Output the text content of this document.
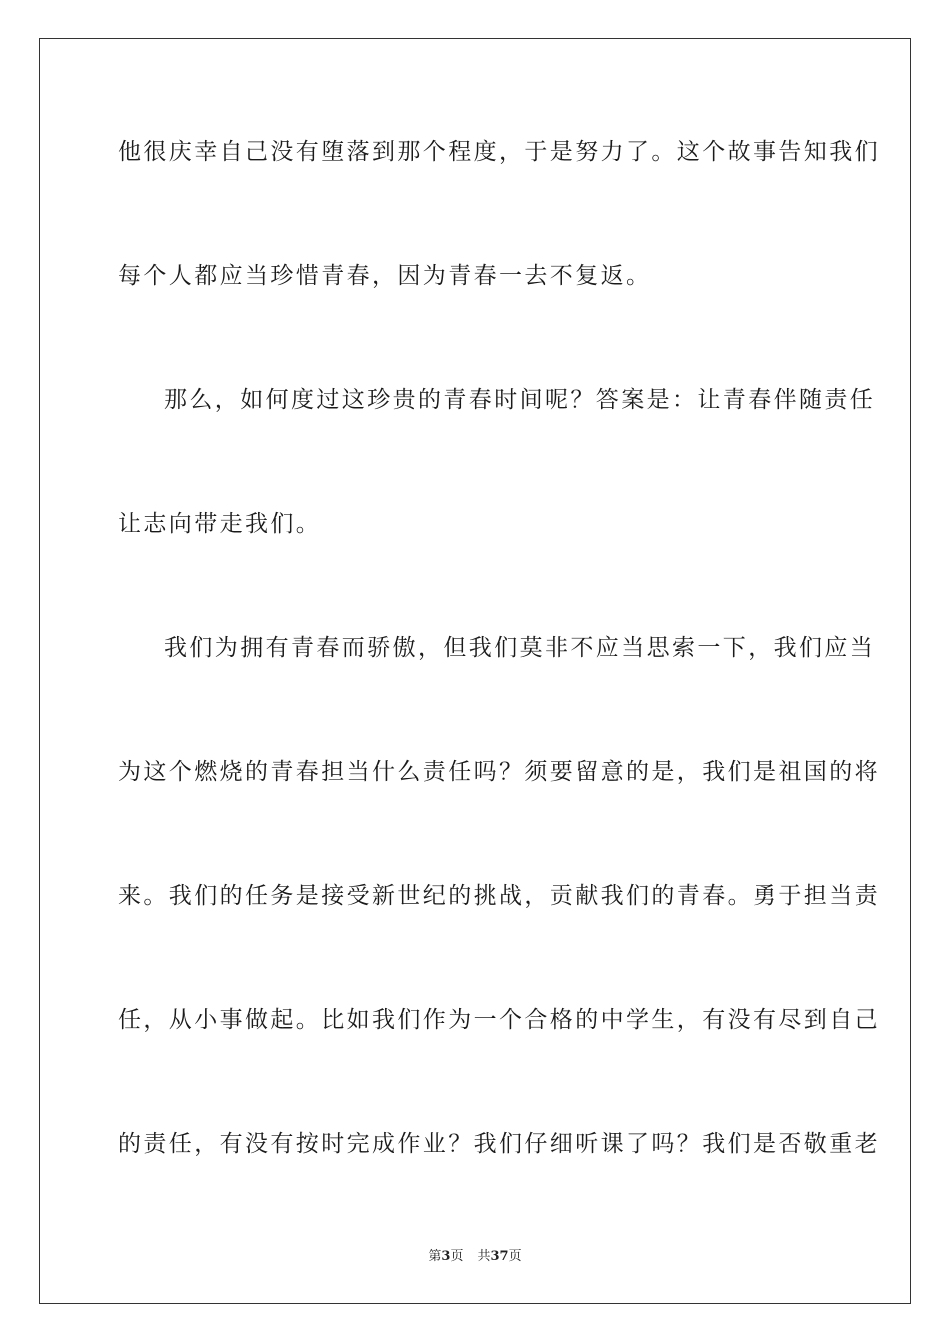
他很庆幸自己没有堕落到那个程度，于是努力了。这个故事告知我们
每个人都应当珍惜青春，因为青春一去不复返。
那么，如何度过这珍贵的青春时间呢？答案是：让青春伴随责任
让志向带走我们。
我们为拥有青春而骄傲，但我们莫非不应当思索一下，我们应当
为这个燃烧的青春担当什么责任吗？须要留意的是，我们是祖国的将
来。我们的任务是接受新世纪的挑战，贡献我们的青春。勇于担当责
任，从小事做起。比如我们作为一个合格的中学生，有没有尽到自己
的责任，有没有按时完成作业？我们仔细听课了吗？我们是否敬重老
第3页 共37页
